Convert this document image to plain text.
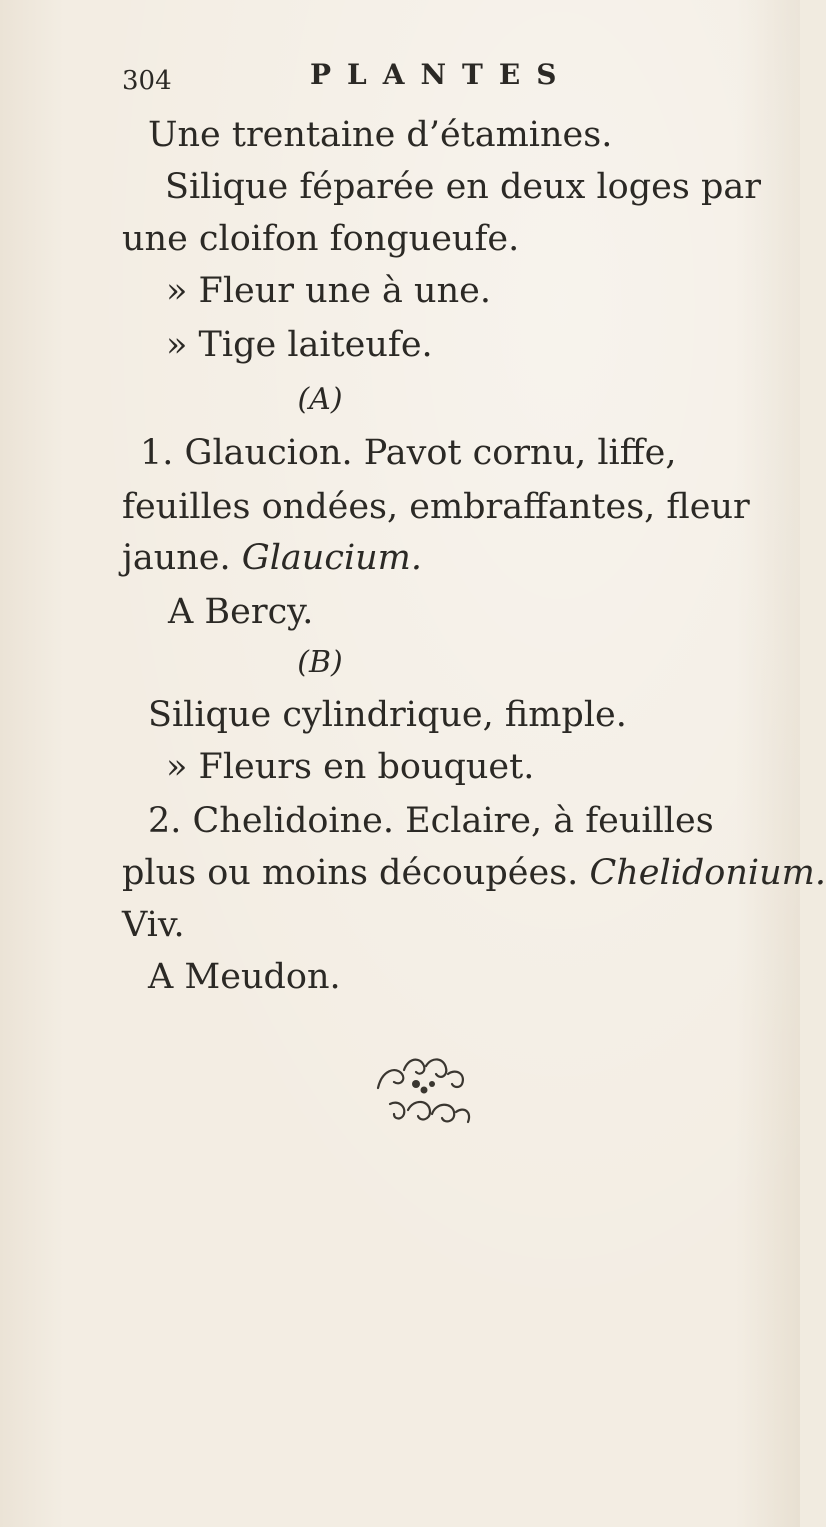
304	PLANTES
Une trentaine d’étamines.
Silique féparée en deux loges par
une cloifon fongueufe.
» Fleur une à une.
» Tige laiteufe.
(A)
1. Glaucion. Pavot cornu, liffe,
feuilles ondées, embraffantes, fleur
jaune. Glaucium.
A Bercy.
(B)
Silique cylindrique, fimple.
» Fleurs en bouquet.
2. Chelidoine. Eclaire, à feuilles
plus ou moins découpées. Chelidonium.
Viv.
A Meudon.
